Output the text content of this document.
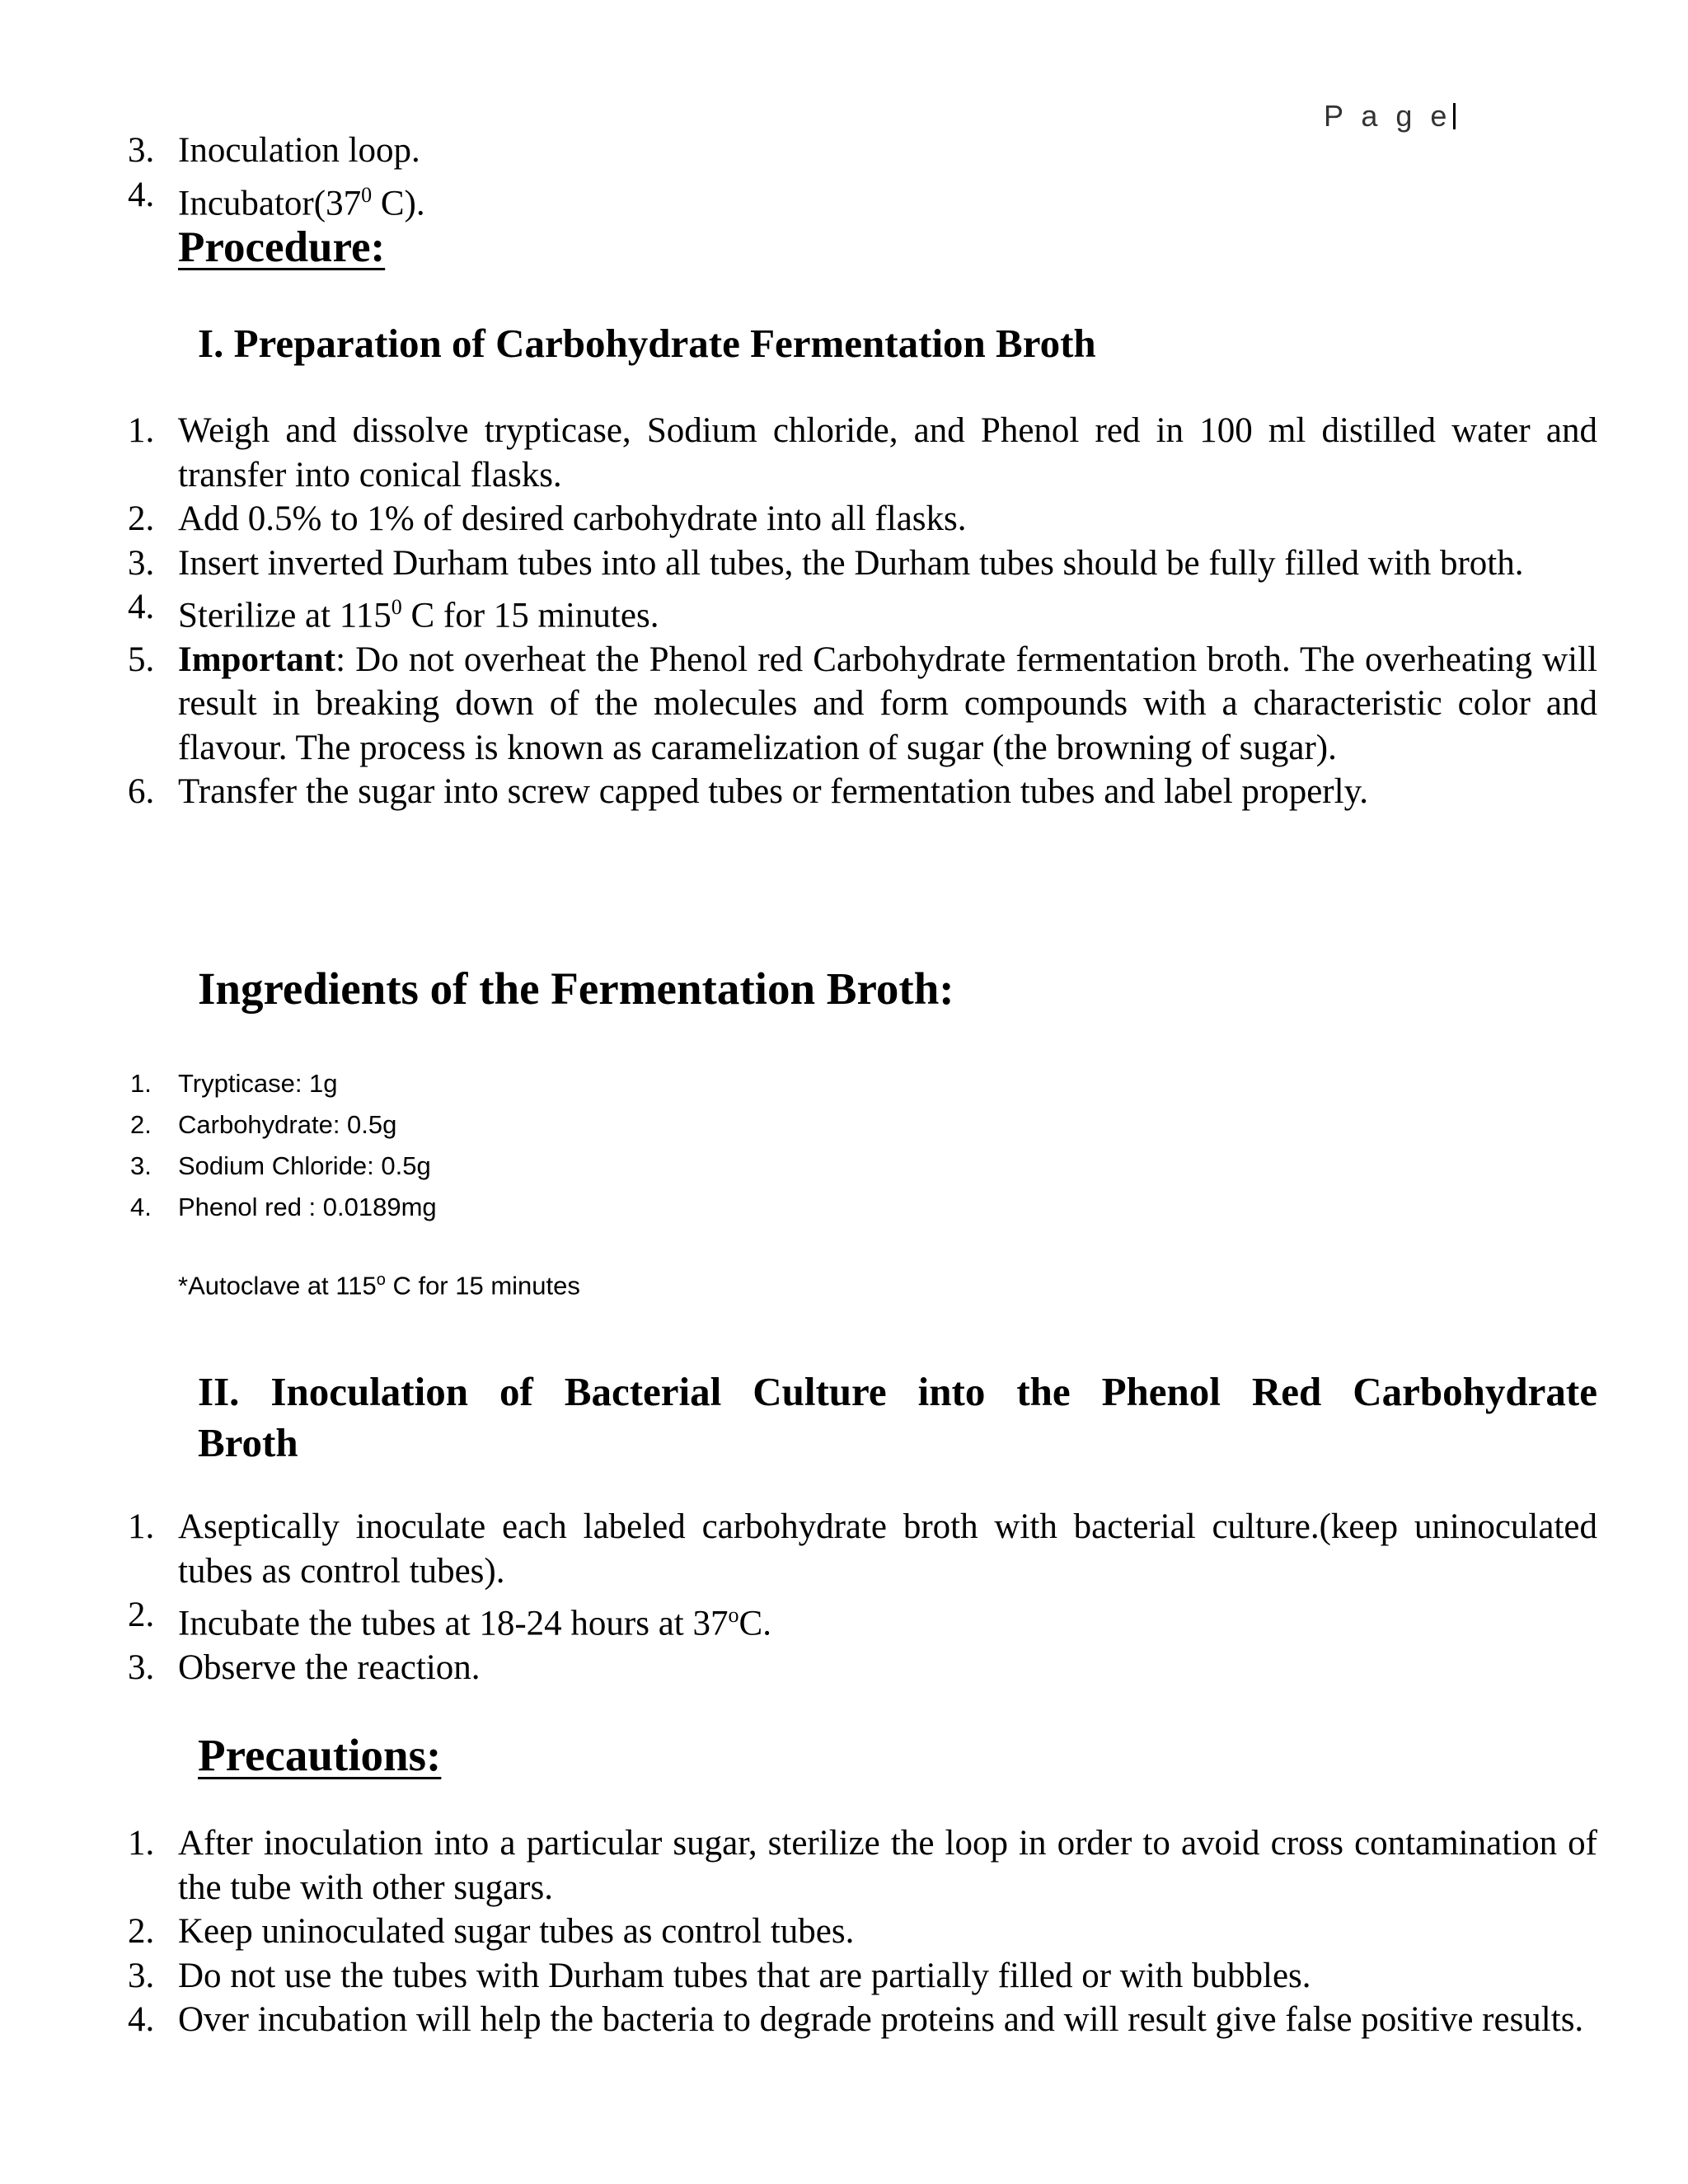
P a g e
3. Inoculation loop.
4. $Incubator(37^0$ C).
Procedure:
I. Preparation of Carbohydrate Fermentation Broth
1. Weigh and dissolve trypticase, Sodium chloride, and Phenol red in 100 ml distilled water and transfer into conical flasks.
2. Add 0.5% to 1% of desired carbohydrate into all flasks.
3. Insert inverted Durham tubes into all tubes, the Durham tubes should be fully filled with broth.
4. Sterilize at $115^0$ C for 15 minutes.
5. Important: Do not overheat the Phenol red Carbohydrate fermentation broth. The overheating will result in breaking down of the molecules and form compounds with a characteristic color and flavour. The process is known as caramelization of sugar (the browning of sugar).
6. Transfer the sugar into screw capped tubes or fermentation tubes and label properly.
Ingredients of the Fermentation Broth:
1. Trypticase: 1g
2. Carbohydrate: 0.5g
3. Sodium Chloride: 0.5g
4. Phenol red : 0.0189mg
*Autoclave at 115$^o$ C for 15 minutes
II. Inoculation of Bacterial Culture into the Phenol Red Carbohydrate
Broth
1. Aseptically inoculate each labeled carbohydrate broth with bacterial culture.(keep uninoculated tubes as control tubes).
2. Incubate the tubes at 18-24 hours at 37$^o$C.
3. Observe the reaction.
Precautions:
1. After inoculation into a particular sugar, sterilize the loop in order to avoid cross contamination of the tube with other sugars.
2. Keep uninoculated sugar tubes as control tubes.
3. Do not use the tubes with Durham tubes that are partially filled or with bubbles.
4. Over incubation will help the bacteria to degrade proteins and will result give false positive results.
